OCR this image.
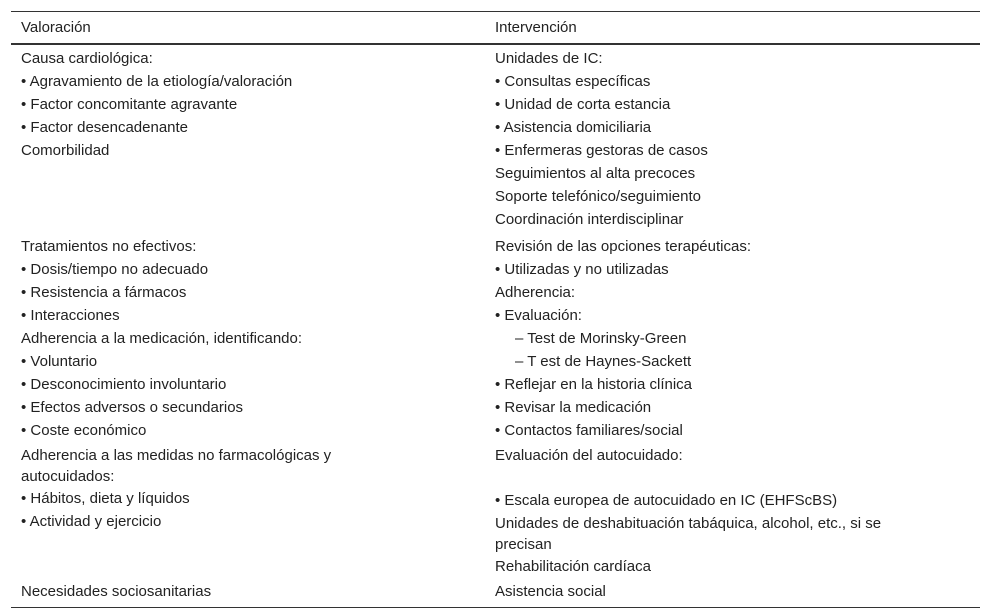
Valoración	Intervención
Causa cardiológica:
• Agravamiento de la etiología/valoración
• Factor concomitante agravante
• Factor desencadenante
Comorbilidad
Unidades de IC:
• Consultas específicas
• Unidad de corta estancia
• Asistencia domiciliaria
• Enfermeras gestoras de casos
Seguimientos al alta precoces
Soporte telefónico/seguimiento
Coordinación interdisciplinar
Tratamientos no efectivos:
• Dosis/tiempo no adecuado
• Resistencia a fármacos
• Interacciones
Adherencia a la medicación, identificando:
• Voluntario
• Desconocimiento involuntario
• Efectos adversos o secundarios
• Coste económico
Revisión de las opciones terapéuticas:
• Utilizadas y no utilizadas
Adherencia:
• Evaluación:
– Test de Morinsky-Green
– T est de Haynes-Sackett
• Reflejar en la historia clínica
• Revisar la medicación
• Contactos familiares/social
Adherencia a las medidas no farmacológicas y autocuidados:
• Hábitos, dieta y líquidos
• Actividad y ejercicio
Evaluación del autocuidado:
• Escala europea de autocuidado en IC (EHFScBS)
Unidades de deshabituación tabáquica, alcohol, etc., si se precisan
Rehabilitación cardíaca
Necesidades sociosanitarias	Asistencia social
